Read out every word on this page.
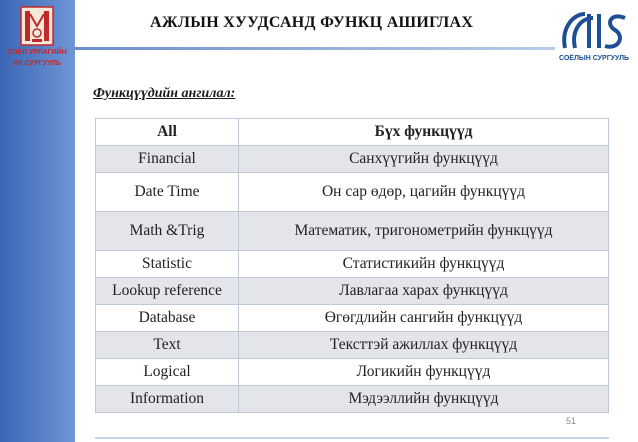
СОЁЛ УРЛАГИЙН
ИХ СУРГУУЛЬ
АЖЛЫН ХУУДСАНД ФУНКЦ АШИГЛАХ
СОЁЛЫН СУРГУУЛЬ
Функцүүдийн ангилал:
All	Бүх функцүүд
Financial	Санхүүгийн функцүүд
Date Time	Он сар өдөр, цагийн функцүүд
Math &Trig	Математик, тригонометрийн функцүүд
Statistic	Статистикийн функцүүд
Lookup reference	Лавлагаа харах функцүүд
Database	Өгөгдлийн сангийн функцүүд
Text	Тексттэй ажиллах функцүүд
Logical	Логикийн функцүүд
Information	Мэдээллийн функцүүд
51
